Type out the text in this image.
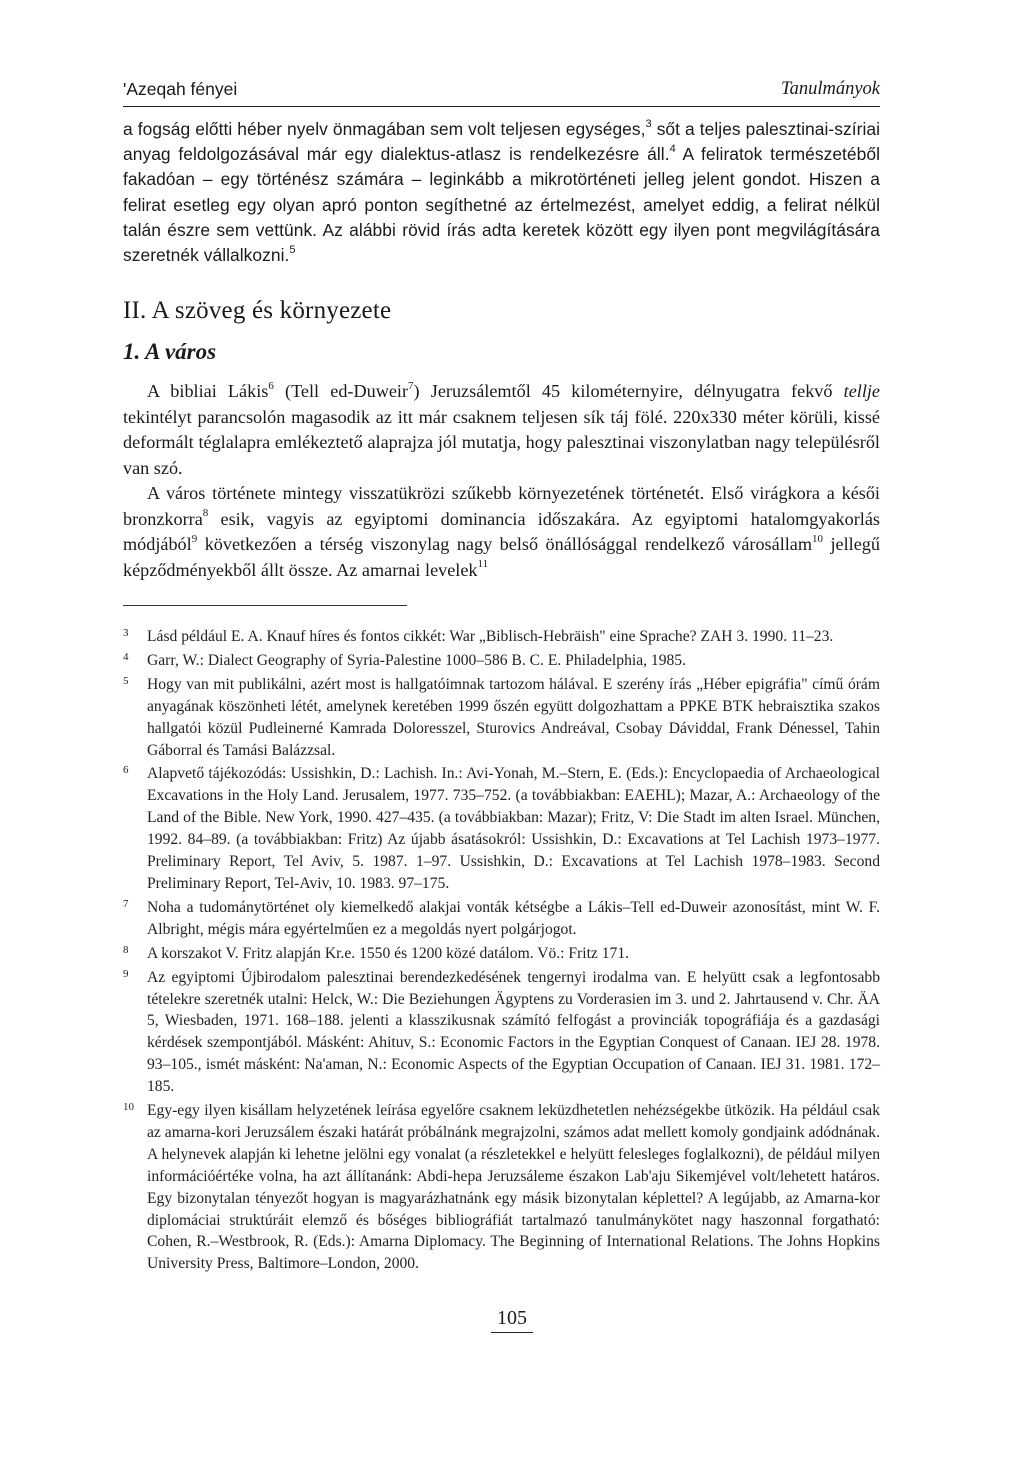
'Azeqah fényei	Tanulmányok

a fogság előtti héber nyelv önmagában sem volt teljesen egységes,$^3$ sőt a teljes palesztinai-szíriai anyag feldolgozásával már egy dialektus-atlasz is rendelkezésre áll.$^4$ A feliratok természetéből fakadóan – egy történész számára – leginkább a mikrotörténeti jelleg jelent gondot. Hiszen a felirat esetleg egy olyan apró ponton segíthetné az értelmezést, amelyet eddig, a felirat nélkül talán észre sem vettünk. Az alábbi rövid írás adta keretek között egy ilyen pont megvilágítására szeretnék vállalkozni.$^5$

II. A szöveg és környezete
1. A város

A bibliai Lákis$^6$ (Tell ed-Duweir$^7$) Jeruzsálemtől 45 kilométernyire, délnyugatra fekvő tellje tekintélyt parancsolón magasodik az itt már csaknem teljesen sík táj fölé. 220x330 méter körüli, kissé deformált téglalapra emlékeztető alaprajza jól mutatja, hogy palesztinai viszonylatban nagy településről van szó.

A város története mintegy visszatükrözi szűkebb környezetének történetét. Első virágkora a késői bronzkorra$^8$ esik, vagyis az egyiptomi dominancia időszakára. Az egyiptomi hatalomgyakorlás módjából$^9$ következően a térség viszonylag nagy belső önállósággal rendelkező városállam$^{10}$ jellegű képződményekből állt össze. Az amarnai levelek$^{11}$

3 Lásd például E. A. Knauf híres és fontos cikkét: War „Biblisch-Hebräish" eine Sprache? ZAH 3. 1990. 11–23.

4 Garr, W.: Dialect Geography of Syria-Palestine 1000–586 B. C. E. Philadelphia, 1985.

5 Hogy van mit publikálni, azért most is hallgatóimnak tartozom hálával. E szerény írás „Héber epigráfia" című órám anyagának köszönheti létét, amelynek keretében 1999 őszén együtt dolgozhattam a PPKE BTK hebraisztika szakos hallgatói közül Pudleinerné Kamrada Doloresszel, Sturovics Andreával, Csobay Dáviddal, Frank Dénessel, Tahin Gáborral és Tamási Balázzsal.

6 Alapvető tájékozódás: Ussishkin, D.: Lachish. In.: Avi-Yonah, M.–Stern, E. (Eds.): Encyclopaedia of Archaeological Excavations in the Holy Land. Jerusalem, 1977. 735–752. (a továbbiakban: EAEHL); Mazar, A.: Archaeology of the Land of the Bible. New York, 1990. 427–435. (a továbbiakban: Mazar); Fritz, V: Die Stadt im alten Israel. München, 1992. 84–89. (a továbbiakban: Fritz) Az újabb ásatásokról: Ussishkin, D.: Excavations at Tel Lachish 1973–1977. Preliminary Report, Tel Aviv, 5. 1987. 1–97. Ussishkin, D.: Excavations at Tel Lachish 1978–1983. Second Preliminary Report, Tel-Aviv, 10. 1983. 97–175.

7 Noha a tudománytörténet oly kiemelkedő alakjai vonták kétségbe a Lákis–Tell ed-Duweir azonosítást, mint W. F. Albright, mégis mára egyértelműen ez a megoldás nyert polgárjogot.

8 A korszakot V. Fritz alapján Kr.e. 1550 és 1200 közé datálom. Vö.: Fritz 171.

9 Az egyiptomi Újbirodalom palesztinai berendezkedésének tengernyi irodalma van. E helyütt csak a legfontosabb tételekre szeretnék utalni: Helck, W.: Die Beziehungen Ägyptens zu Vorderasien im 3. und 2. Jahrtausend v. Chr. ÄA 5, Wiesbaden, 1971. 168–188. jelenti a klasszikusnak számító felfogást a provinciák topográfiája és a gazdasági kérdések szempontjából. Másként: Ahituv, S.: Economic Factors in the Egyptian Conquest of Canaan. IEJ 28. 1978. 93–105., ismét másként: Na'aman, N.: Economic Aspects of the Egyptian Occupation of Canaan. IEJ 31. 1981. 172–185.

10 Egy-egy ilyen kisállam helyzetének leírása egyelőre csaknem leküzdhetetlen nehézségekbe ütközik. Ha például csak az amarna-kori Jeruzsálem északi határát próbálnánk megrajzolni, számos adat mellett komoly gondjaink adódnának. A helynevek alapján ki lehetne jelölni egy vonalat (a részletekkel e helyütt felesleges foglalkozni), de például milyen információértéke volna, ha azt állítanánk: Abdi-hepa Jeruzsáleme északon Lab'aju Sikemjével volt/lehetett határos. Egy bizonytalan tényezőt hogyan is magyarázhatnánk egy másik bizonytalan képlettel? A legújabb, az Amarna-kor diplomáciai struktúráit elemző és bőséges bibliográfiát tartalmazó tanulmánykötet nagy haszonnal forgatható: Cohen, R.–Westbrook, R. (Eds.): Amarna Diplomacy. The Beginning of International Relations. The Johns Hopkins University Press, Baltimore–London, 2000.

105
